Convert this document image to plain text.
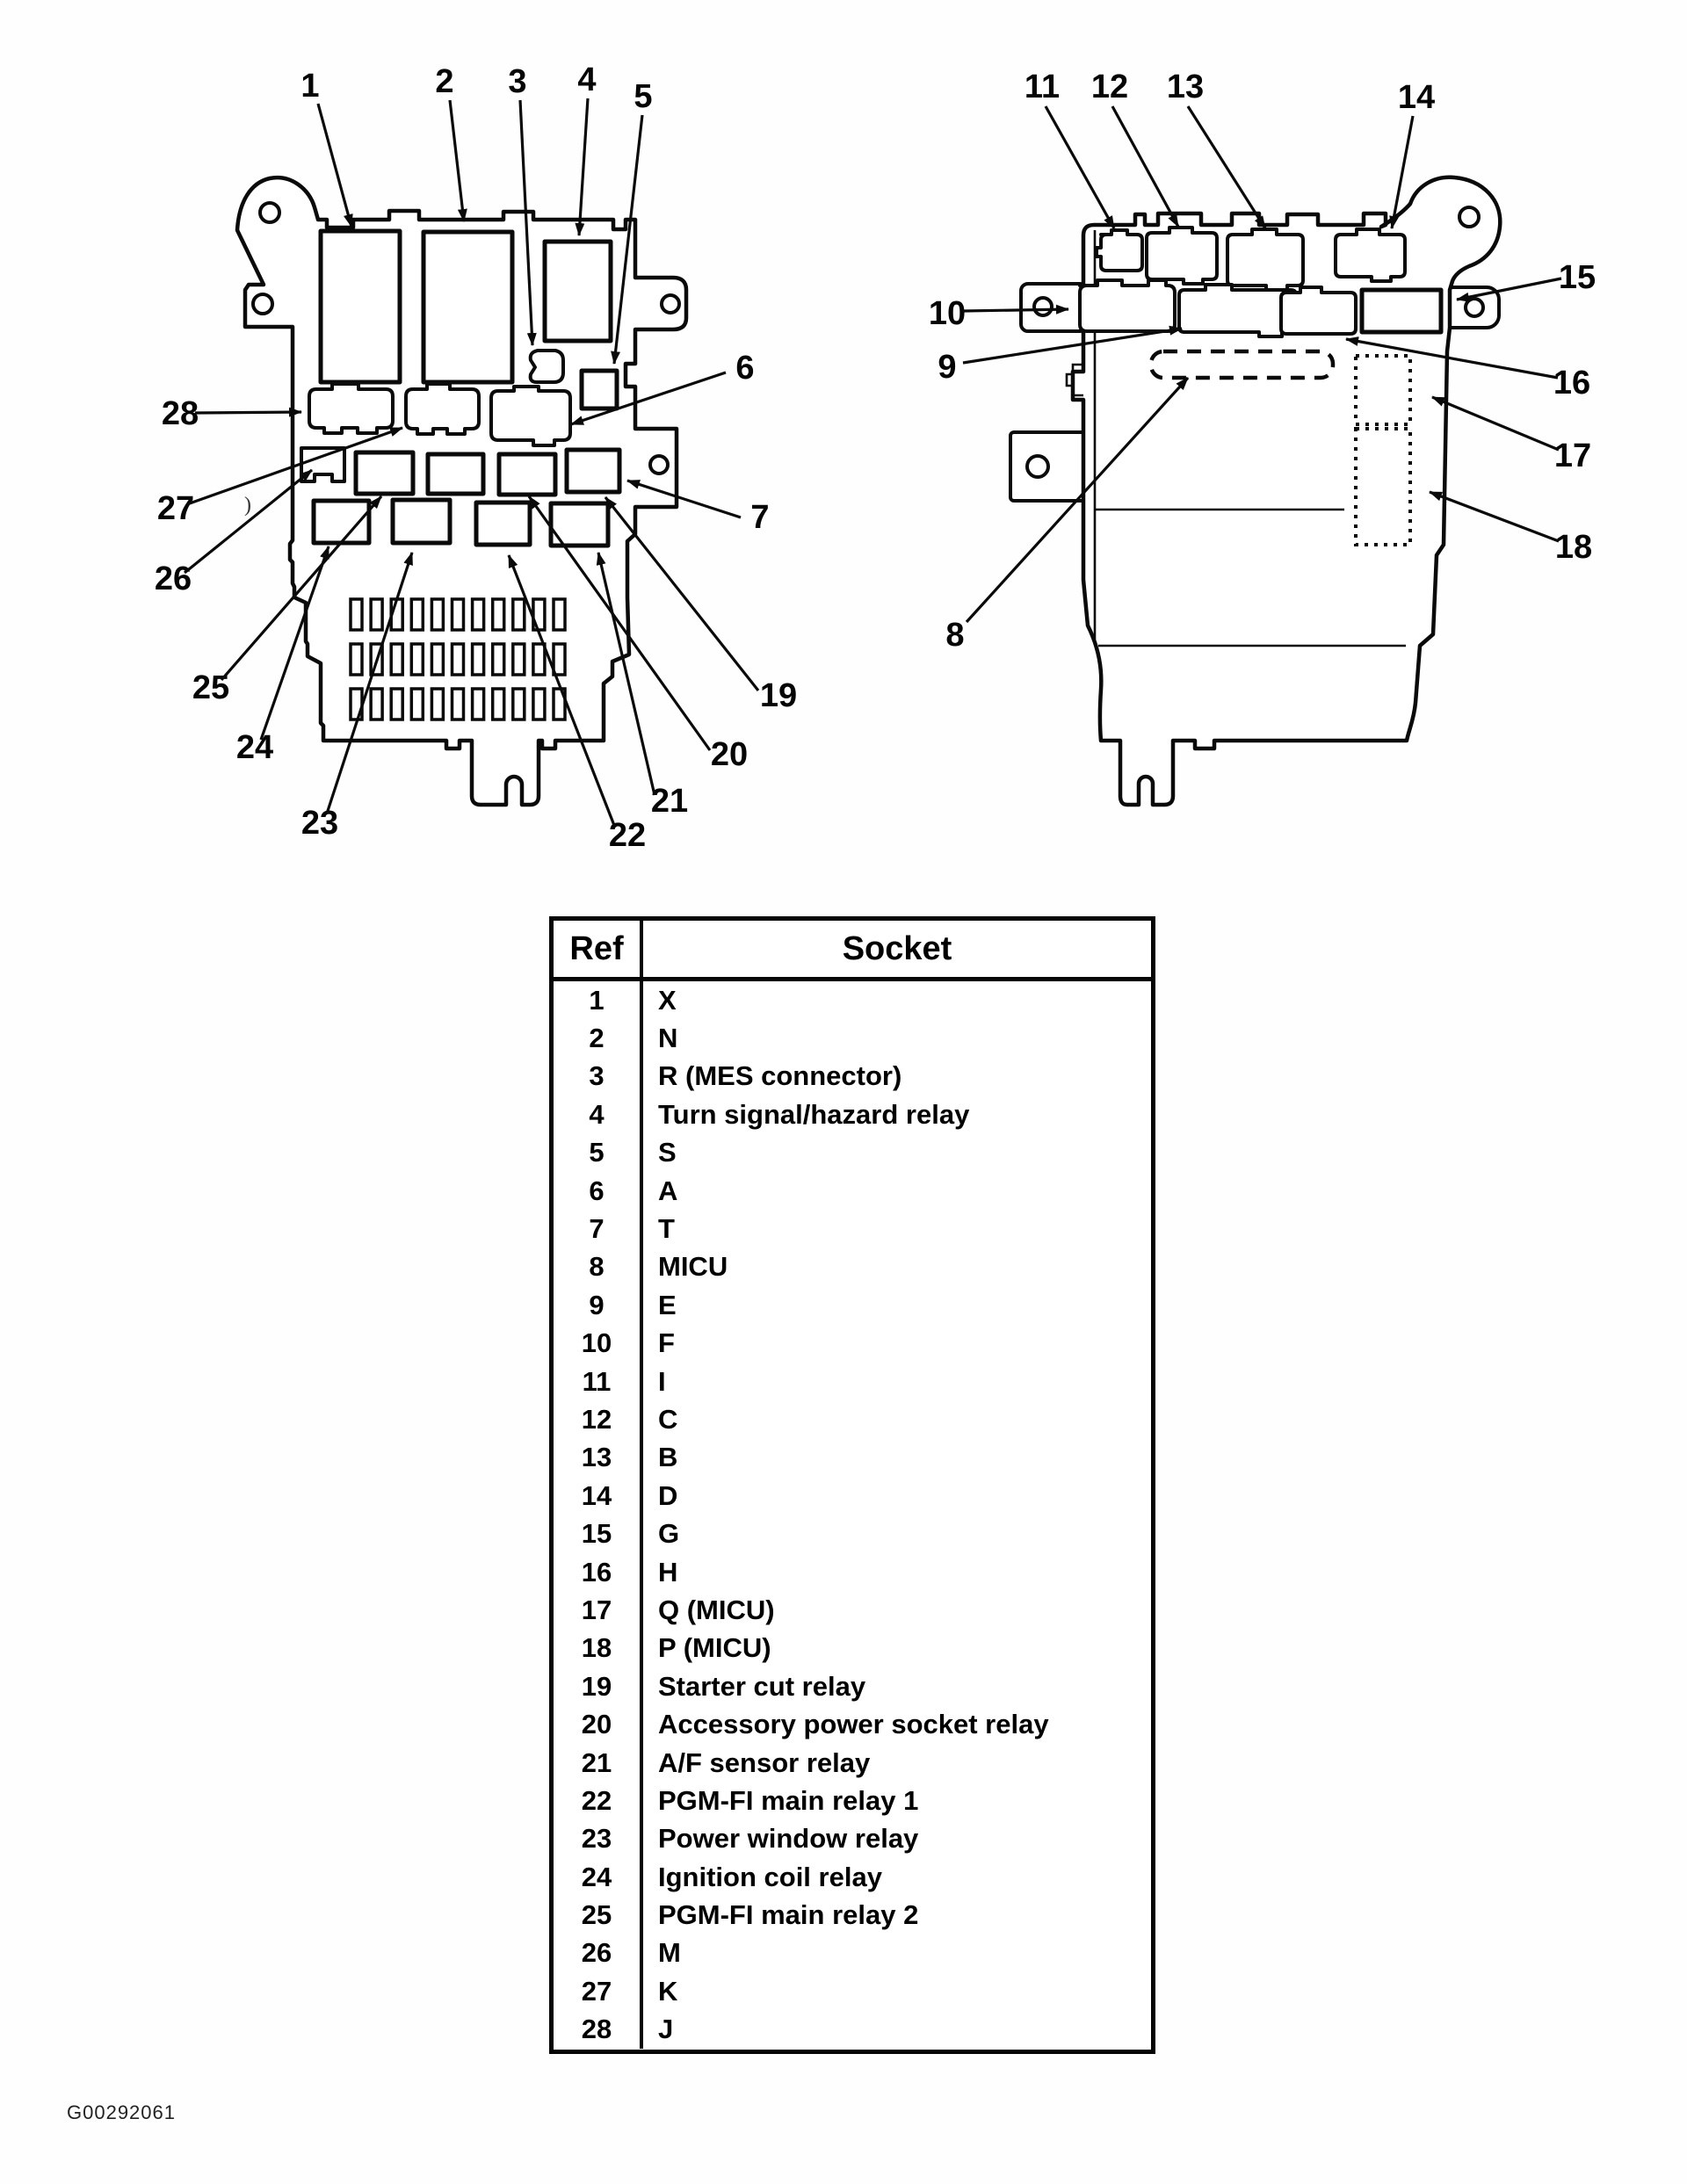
1	2 3 4 5
6
7
19
20
21
22
23
24
25
26
27
28
)
8
9
10
11 12 13	14
15
16
17
18
Ref	Socket
1	X
2	N
3	R (MES connector)
4	Turn signal/hazard relay
5	S
6	A
7	T
8	MICU
9	E
10	F
11	I
12	C
13	B
14	D
15	G
16	H
17	Q (MICU)
18	P (MICU)
19	Starter cut relay
20	Accessory power socket relay
21	A/F sensor relay
22	PGM-FI main relay 1
23	Power window relay
24	Ignition coil relay
25	PGM-FI main relay 2
26	M
27	K
28	J
G00292061
